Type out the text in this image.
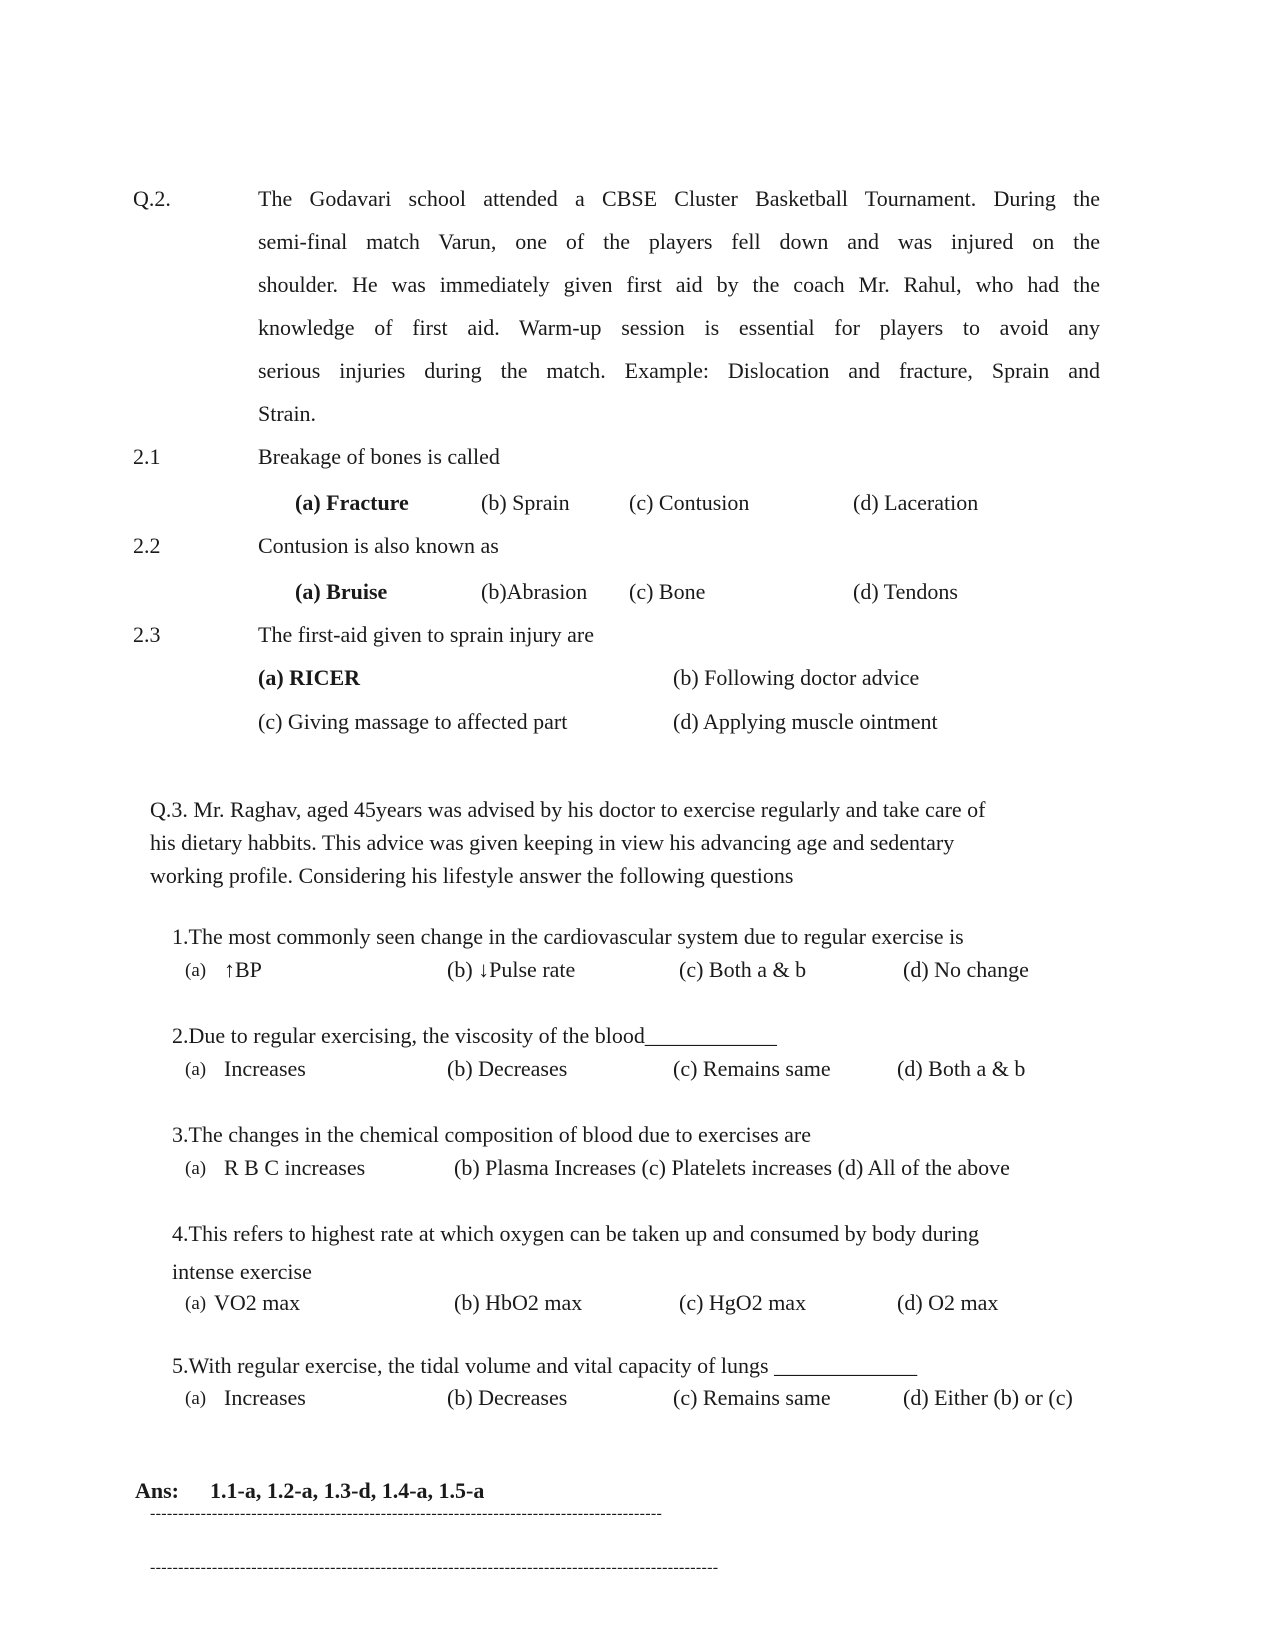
Q.2.	The Godavari school attended a CBSE Cluster Basketball Tournament. During the
semi-final match Varun, one of the players fell down and was injured on the
shoulder. He was immediately given first aid by the coach Mr. Rahul, who had the
knowledge of first aid. Warm-up session is essential for players to avoid any
serious injuries during the match. Example: Dislocation and fracture, Sprain and
Strain.
2.1	Breakage of bones is called
(a) Fracture	(b) Sprain	(c) Contusion	(d) Laceration
2.2	Contusion is also known as
(a) Bruise	(b)Abrasion (c) Bone	(d) Tendons
2.3	The first-aid given to sprain injury are
(a) RICER	(b) Following doctor advice
(c) Giving massage to affected part	(d) Applying muscle ointment
Q.3. Mr. Raghav, aged 45years was advised by his doctor to exercise regularly and take care of
his dietary habbits. This advice was given keeping in view his advancing age and sedentary
working profile. Considering his lifestyle answer the following questions
1.The most commonly seen change in the cardiovascular system due to regular exercise is
(a) ↑BP	(b) ↓Pulse rate	(c) Both a & b	(d) No change
2.Due to regular exercising, the viscosity of the blood____________
(a) Increases	(b) Decreases	(c) Remains same	(d) Both a & b
3.The changes in the chemical composition of blood due to exercises are
(a) R B C increases	(b) Plasma Increases (c) Platelets increases (d) All of the above
4.This refers to highest rate at which oxygen can be taken up and consumed by body during
intense exercise
(a) VO2 max	(b) HbO2 max	(c) HgO2 max	(d) O2 max
5.With regular exercise, the tidal volume and vital capacity of lungs _____________
(a) Increases	(b) Decreases	(c) Remains same	(d) Either (b) or (c)
Ans: 1.1-a, 1.2-a, 1.3-d, 1.4-a, 1.5-a
-------------------------------------------------------------------------------------------
-----------------------------------------------------------------------------------------------------
